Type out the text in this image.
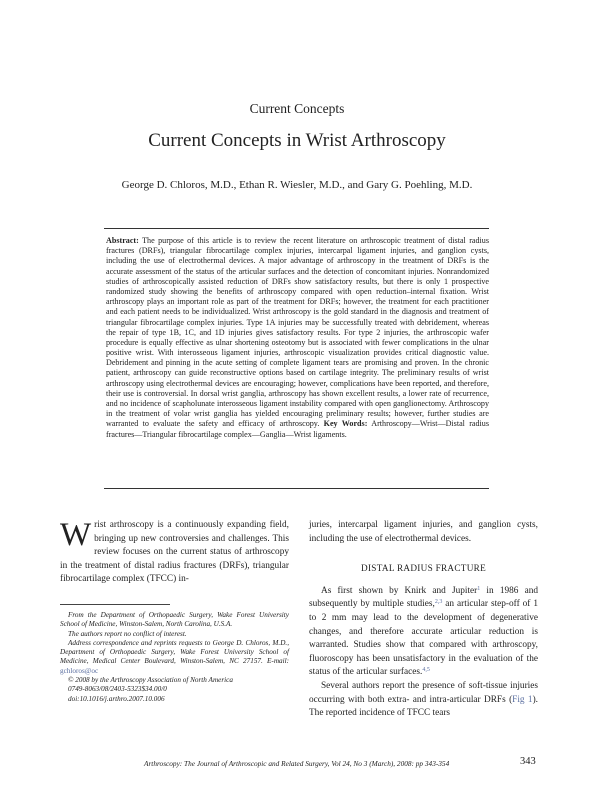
Current Concepts
Current Concepts in Wrist Arthroscopy
George D. Chloros, M.D., Ethan R. Wiesler, M.D., and Gary G. Poehling, M.D.
Abstract: The purpose of this article is to review the recent literature on arthroscopic treatment of distal radius fractures (DRFs), triangular fibrocartilage complex injuries, intercarpal ligament injuries, and ganglion cysts, including the use of electrothermal devices. A major advantage of arthroscopy in the treatment of DRFs is the accurate assessment of the status of the articular surfaces and the detection of concomitant injuries. Nonrandomized studies of arthroscopically assisted reduction of DRFs show satisfactory results, but there is only 1 prospective randomized study showing the benefits of arthroscopy compared with open reduction–internal fixation. Wrist arthroscopy plays an important role as part of the treatment for DRFs; however, the treatment for each practitioner and each patient needs to be individualized. Wrist arthroscopy is the gold standard in the diagnosis and treatment of triangular fibrocartilage complex injuries. Type 1A injuries may be successfully treated with debridement, whereas the repair of type 1B, 1C, and 1D injuries gives satisfactory results. For type 2 injuries, the arthroscopic wafer procedure is equally effective as ulnar shortening osteotomy but is associated with fewer complications in the ulnar positive wrist. With interosseous ligament injuries, arthroscopic visualization provides critical diagnostic value. Debridement and pinning in the acute setting of complete ligament tears are promising and proven. In the chronic patient, arthroscopy can guide reconstructive options based on cartilage integrity. The preliminary results of wrist arthroscopy using electrothermal devices are encouraging; however, complications have been reported, and therefore, their use is controversial. In dorsal wrist ganglia, arthroscopy has shown excellent results, a lower rate of recurrence, and no incidence of scapholunate interosseous ligament instability compared with open ganglionectomy. Arthroscopy in the treatment of volar wrist ganglia has yielded encouraging preliminary results; however, further studies are warranted to evaluate the safety and efficacy of arthroscopy. Key Words: Arthroscopy—Wrist—Distal radius fractures—Triangular fibrocartilage complex—Ganglia—Wrist ligaments.

Wrist arthroscopy is a continuously expanding field, bringing up new controversies and challenges. This review focuses on the current status of arthroscopy in the treatment of distal radius fractures (DRFs), triangular fibrocartilage complex (TFCC) in-

juries, intercarpal ligament injuries, and ganglion cysts, including the use of electrothermal devices.

DISTAL RADIUS FRACTURE

As first shown by Knirk and Jupiter$^1$ in 1986 and subsequently by multiple studies,$^{2,3}$ an articular step-off of 1 to 2 mm may lead to the development of degenerative changes, and therefore accurate articular reduction is warranted. Studies show that compared with arthroscopy, fluoroscopy has been unsatisfactory in the evaluation of the status of the articular surfaces.$^{4,5}$

Several authors report the presence of soft-tissue injuries occurring with both extra- and intra-articular DRFs (Fig 1). The reported incidence of TFCC tears

From the Department of Orthopaedic Surgery, Wake Forest University School of Medicine, Winston-Salem, North Carolina, U.S.A.

The authors report no conflict of interest.

Address correspondence and reprints requests to George D. Chloros, M.D., Department of Orthopaedic Surgery, Wake Forest University School of Medicine, Medical Center Boulevard, Winston-Salem, NC 27157. E-mail: gchloros@oc

© 2008 by the Arthroscopy Association of North America

0749-8063/08/2403-5323$34.00/0

doi:10.1016/j.arthro.2007.10.006

Arthroscopy: The Journal of Arthroscopic and Related Surgery, Vol 24, No 3 (March), 2008: pp 343-354	343
